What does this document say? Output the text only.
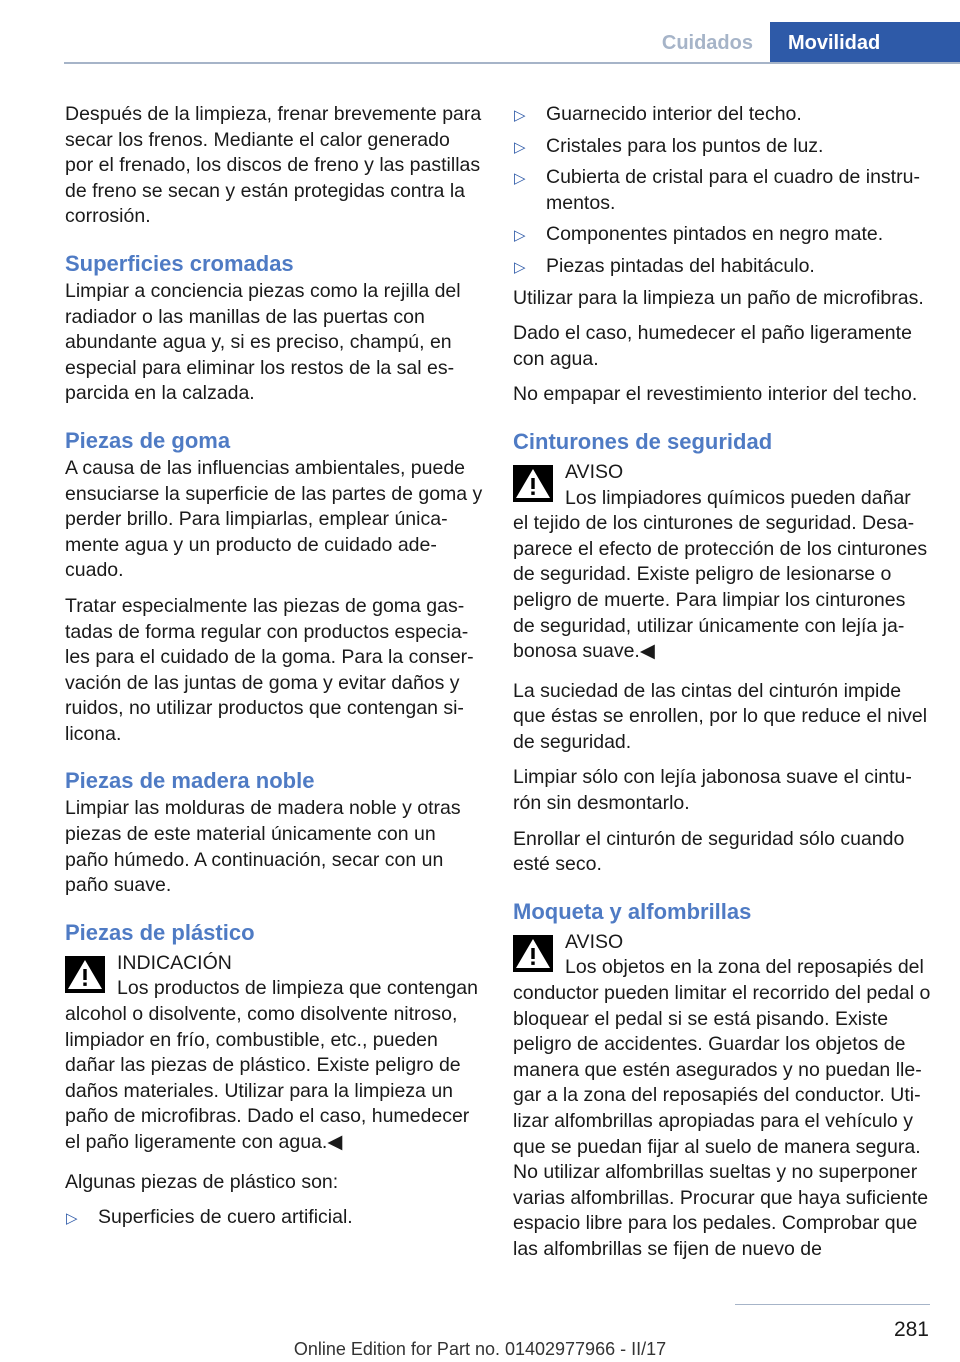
Cuidados	Movilidad

Después de la limpieza, frenar brevemente para secar los frenos. Mediante el calor generado por el frenado, los discos de freno y las pastillas de freno se secan y están protegidas contra la corrosión.

Superficies cromadas

Limpiar a conciencia piezas como la rejilla del radiador o las manillas de las puertas con abundante agua y, si es preciso, champú, en especial para eliminar los restos de la sal esparcida en la calzada.

Piezas de goma

A causa de las influencias ambientales, puede ensuciarse la superficie de las partes de goma y perder brillo. Para limpiarlas, emplear únicamente agua y un producto de cuidado adecuado.

Tratar especialmente las piezas de goma gastadas de forma regular con productos especiales para el cuidado de la goma. Para la conservación de las juntas de goma y evitar daños y ruidos, no utilizar productos que contengan silicona.

Piezas de madera noble

Limpiar las molduras de madera noble y otras piezas de este material únicamente con un paño húmedo. A continuación, secar con un paño suave.

Piezas de plástico
INDICACIÓN
Los productos de limpieza que contengan alcohol o disolvente, como disolvente nitroso, limpiador en frío, combustible, etc., pueden dañar las piezas de plástico. Existe peligro de daños materiales. Utilizar para la limpieza un paño de microfibras. Dado el caso, humedecer el paño ligeramente con agua.◀

Algunas piezas de plástico son:

▷ Superficies de cuero artificial.
▷ Guarnecido interior del techo.
▷ Cristales para los puntos de luz.
▷ Cubierta de cristal para el cuadro de instrumentos.
▷ Componentes pintados en negro mate.
▷ Piezas pintadas del habitáculo.

Utilizar para la limpieza un paño de microfibras.

Dado el caso, humedecer el paño ligeramente con agua.

No empapar el revestimiento interior del techo.

Cinturones de seguridad
AVISO
Los limpiadores químicos pueden dañar el tejido de los cinturones de seguridad. Desaparece el efecto de protección de los cinturones de seguridad. Existe peligro de lesionarse o peligro de muerte. Para limpiar los cinturones de seguridad, utilizar únicamente con lejía jabonosa suave.◀

La suciedad de las cintas del cinturón impide que éstas se enrollen, por lo que reduce el nivel de seguridad.

Limpiar sólo con lejía jabonosa suave el cinturón sin desmontarlo.

Enrollar el cinturón de seguridad sólo cuando esté seco.

Moqueta y alfombrillas
AVISO
Los objetos en la zona del reposapiés del conductor pueden limitar el recorrido del pedal o bloquear el pedal si se está pisando. Existe peligro de accidentes. Guardar los objetos de manera que estén asegurados y no puedan llegar a la zona del reposapiés del conductor. Utilizar alfombrillas apropiadas para el vehículo y que se puedan fijar al suelo de manera segura. No utilizar alfombrillas sueltas y no superponer varias alfombrillas. Procurar que haya suficiente espacio libre para los pedales. Comprobar que las alfombrillas se fijen de nuevo de
281
Online Edition for Part no. 01402977966 - II/17
